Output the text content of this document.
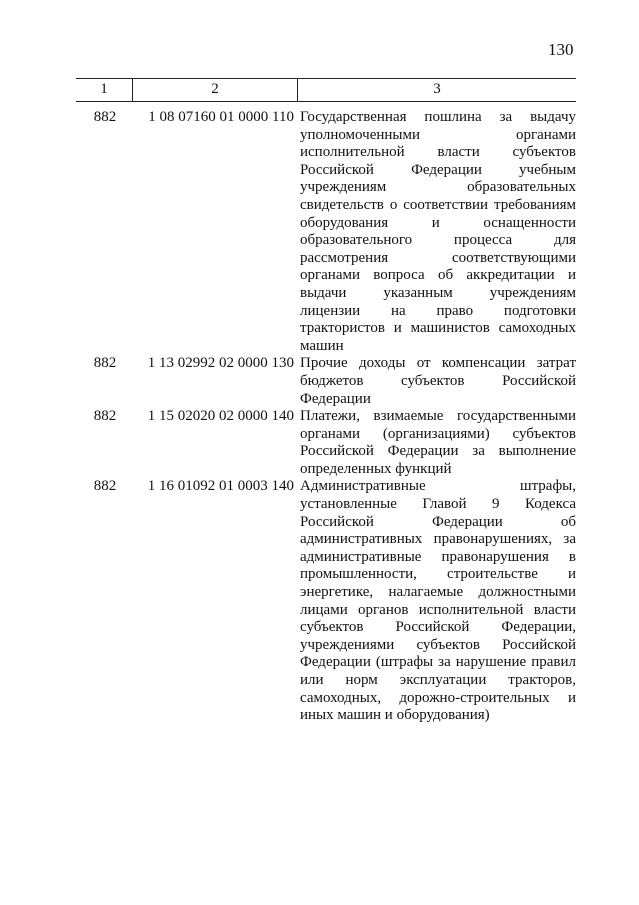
130
1	2	3
882	1 08 07160 01 0000 110 Государственная пошлина за выдачу
уполномоченными органами
исполнительной власти субъектов
Российской Федерации учебным
учреждениям образовательных
свидетельств о соответствии требованиям
оборудования и оснащенности
образовательного процесса для
рассмотрения соответствующими
органами вопроса об аккредитации и
выдачи указанным учреждениям
лицензии на право подготовки
трактористов и машинистов самоходных
машин
882	1 13 02992 02 0000 130 Прочие доходы от компенсации затрат
бюджетов субъектов Российской
Федерации
882	1 15 02020 02 0000 140 Платежи, взимаемые государственными
органами (организациями) субъектов
Российской Федерации за выполнение
определенных функций
882	1 16 01092 01 0003 140 Административные штрафы,
установленные Главой 9 Кодекса
Российской Федерации об
административных правонарушениях, за
административные правонарушения в
промышленности, строительстве и
энергетике, налагаемые должностными
лицами органов исполнительной власти
субъектов Российской Федерации,
учреждениями субъектов Российской
Федерации (штрафы за нарушение правил
или норм эксплуатации тракторов,
самоходных, дорожно-строительных и
иных машин и оборудования)
